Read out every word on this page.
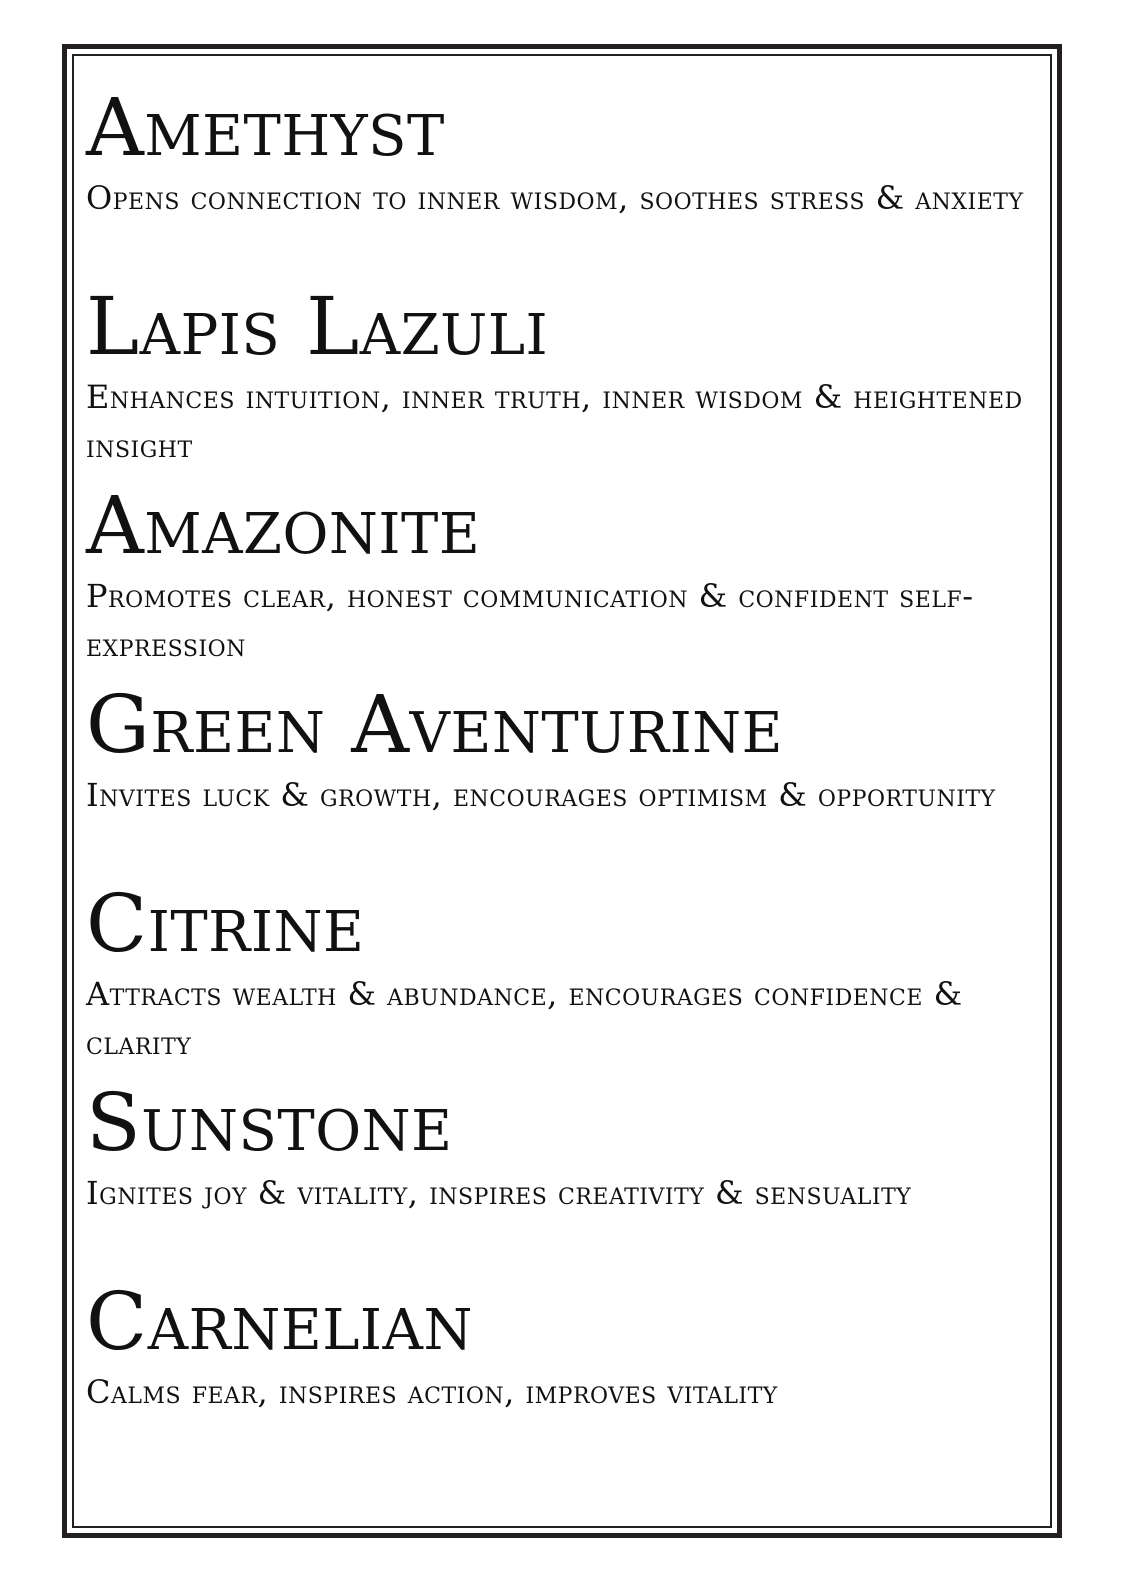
Amethyst

Opens connection to inner wisdom, soothes stress & anxiety

Lapis Lazuli

Enhances intuition, inner truth, inner wisdom & heightened insight

Amazonite

Promotes clear, honest communication & confident self-expression

Green Aventurine

Invites luck & growth, encourages optimism & opportunity

Citrine

Attracts wealth & abundance, encourages confidence & clarity

Sunstone

Ignites joy & vitality, inspires creativity & sensuality

Carnelian

Calms fear, inspires action, improves vitality
